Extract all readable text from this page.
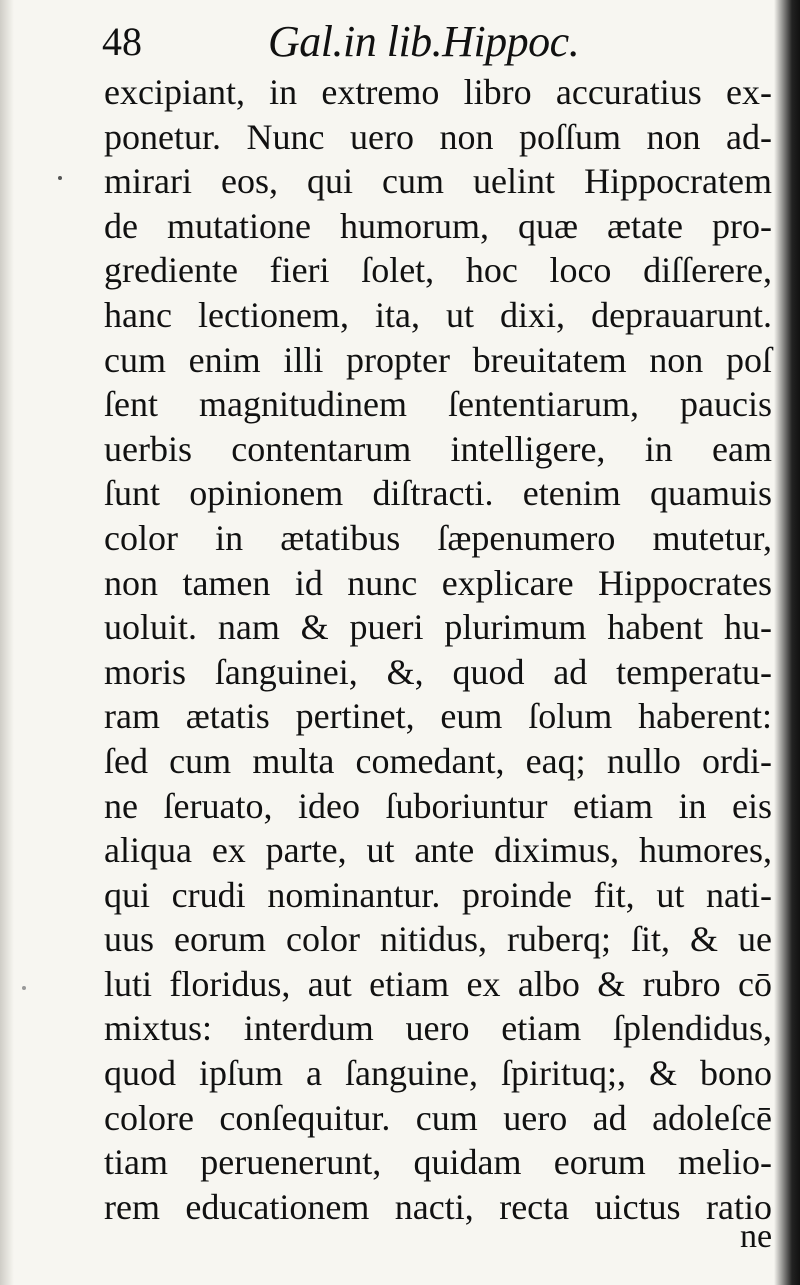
48	Gal.in lib.Hippoc.
excipiant, in extremo libro accuratius ex-
ponetur. Nunc uero non poſſum non ad-
mirari eos, qui cum uelint Hippocratem
de mutatione humorum, quæ ætate pro-
grediente fieri ſolet, hoc loco diſſerere,
hanc lectionem, ita, ut dixi, deprauarunt.
cum enim illi propter breuitatem non poſ
ſent magnitudinem ſententiarum, paucis
uerbis contentarum intelligere, in eam
ſunt opinionem diſtracti. etenim quamuis
color in ætatibus ſæpenumero mutetur,
non tamen id nunc explicare Hippocrates
uoluit. nam & pueri plurimum habent hu-
moris ſanguinei, &, quod ad temperatu-
ram ætatis pertinet, eum ſolum haberent:
ſed cum multa comedant, eaq; nullo ordi-
ne ſeruato, ideo ſuboriuntur etiam in eis
aliqua ex parte, ut ante diximus, humores,
qui crudi nominantur. proinde fit, ut nati-
uus eorum color nitidus, ruberq; ſit, & ue
luti floridus, aut etiam ex albo & rubro cō
mixtus: interdum uero etiam ſplendidus,
quod ipſum a ſanguine, ſpirituq;, & bono
colore conſequitur. cum uero ad adoleſcē
tiam peruenerunt, quidam eorum melio-
rem educationem nacti, recta uictus ratio
ne
